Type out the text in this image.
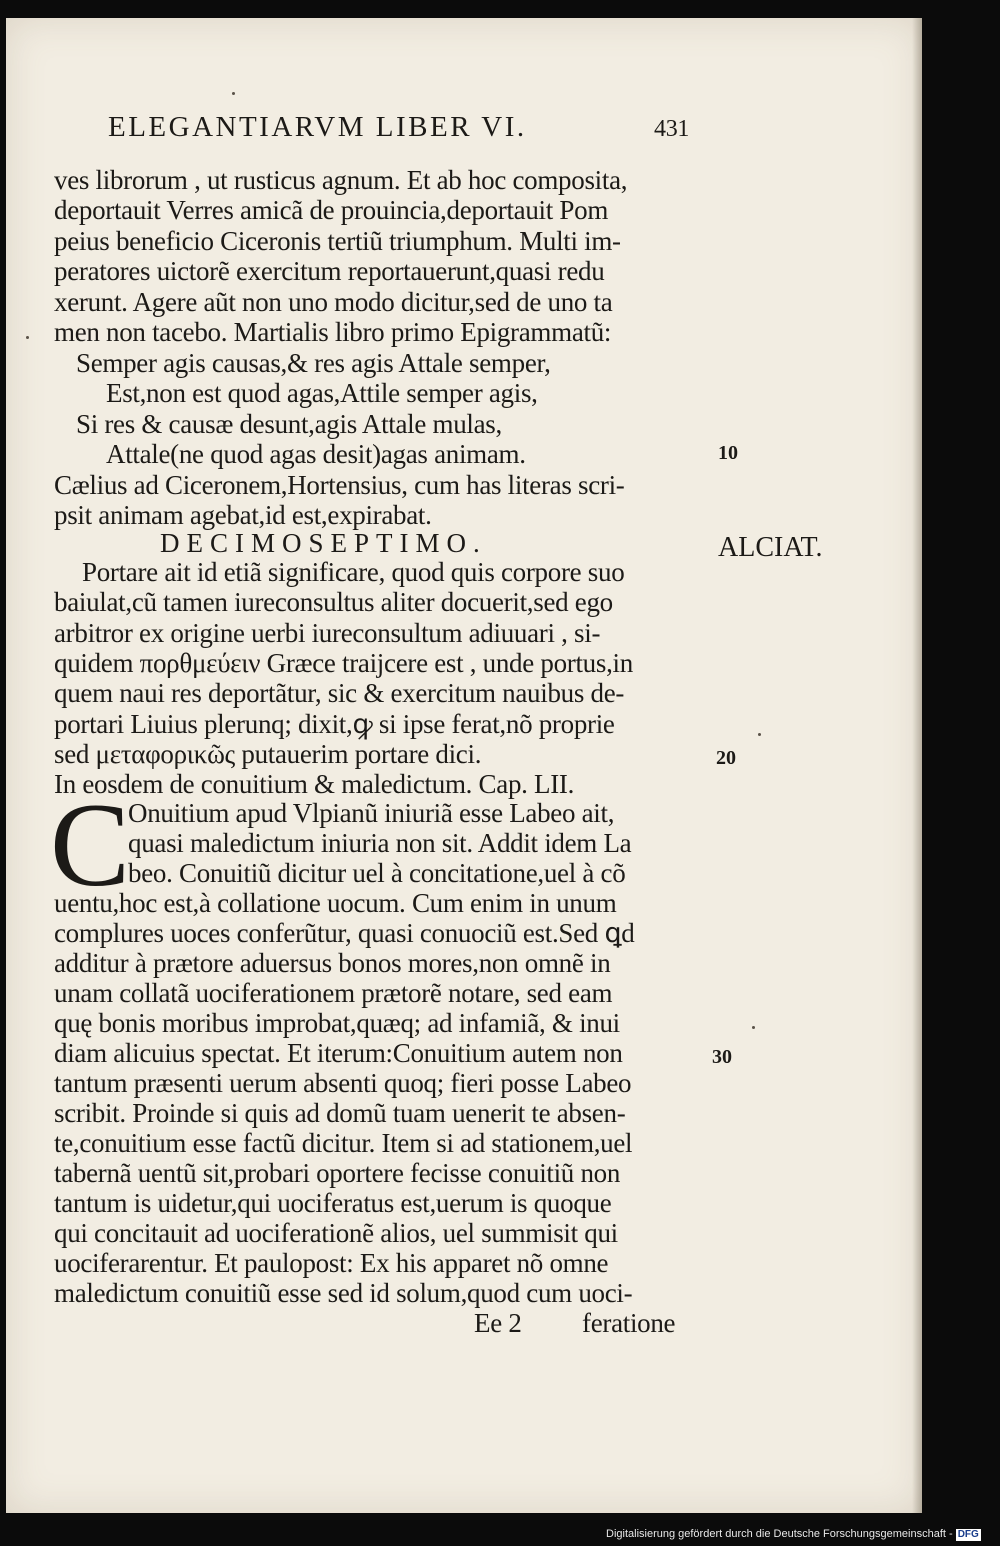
ELEGANTIARVM LIBER VI.	431
ves librorum , ut rusticus agnum. Et ab hoc composita,
deportauit Verres amicã de prouincia,deportauit Pom
peius beneficio Ciceronis tertiũ triumphum. Multi im-
peratores uictorẽ exercitum reportauerunt,quasi redu
xerunt. Agere aũt non uno modo dicitur,sed de uno ta
men non tacebo. Martialis libro primo Epigrammatũ:
Semper agis causas,& res agis Attale semper,
Est,non est quod agas,Attile semper agis,
Si res & causæ desunt,agis Attale mulas,
Attale(ne quod agas desit)agas animam.
Cælius ad Ciceronem,Hortensius, cum has literas scri-
psit animam agebat,id est,expirabat.
DECIMOSEPTIMO.
Portare ait id etiã significare, quod quis corpore suo
baiulat,cũ tamen iureconsultus aliter docuerit,sed ego
arbitror ex origine uerbi iureconsultum adiuuari , si-
quidem πορθμεύειν Græce traijcere est , unde portus,in
quem naui res deportãtur, sic & exercitum nauibus de-
portari Liuius plerunq; dixit,ꝙ si ipse ferat,nõ proprie
sed μεταφορικῶς putauerim portare dici.
In eosdem de conuitium & maledictum. Cap. LII.
C
Onuitium apud Vlpianũ iniuriã esse Labeo ait,
quasi maledictum iniuria non sit. Addit idem La
beo. Conuitiũ dicitur uel à concitatione,uel à cõ
uentu,hoc est,à collatione uocum. Cum enim in unum
complures uoces conferũtur, quasi conuociũ est.Sed ꝗd
additur à prætore aduersus bonos mores,non omnẽ in
unam collatã uociferationem prætorẽ notare, sed eam
quę bonis moribus improbat,quæq; ad infamiã, & inui
diam alicuius spectat. Et iterum:Conuitium autem non
tantum præsenti uerum absenti quoq; fieri posse Labeo
scribit. Proinde si quis ad domũ tuam uenerit te absen-
te,conuitium esse factũ dicitur. Item si ad stationem,uel
tabernã uentũ sit,probari oportere fecisse conuitiũ non
tantum is uidetur,qui uociferatus est,uerum is quoque
qui concitauit ad uociferationẽ alios, uel summisit qui
uociferarentur. Et paulopost: Ex his apparet nõ omne
maledictum conuitiũ esse sed id solum,quod cum uoci-
Ee 2 feratione
10
ALCIAT.
20
30
Digitalisierung gefördert durch die Deutsche Forschungsgemeinschaft - DFG
